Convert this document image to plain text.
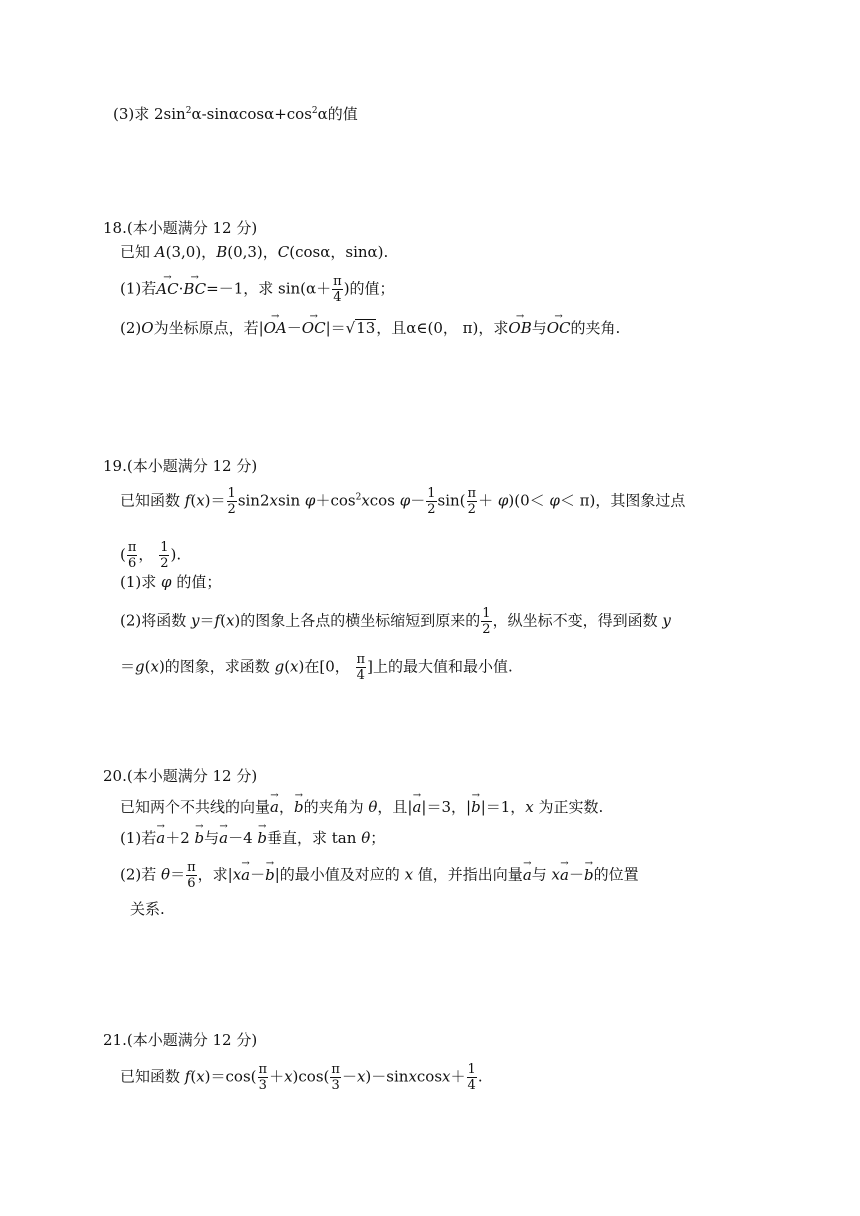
(3)求 $2\sin^2\alpha-\sin\alpha\cos\alpha+\cos^2\alpha$的值
18.(本小题满分 12 分)
已知 A(3,0)，B(0,3)，C(cosα，sinα).
(1)若→ AC·→ BC=－1，求 $\sin(\alpha+ \frac{\pi}{4}$ )的值；
(2)O为坐标原点，若|→ OA－→ OC|＝√13，且α∈(0， π)，求→ OB与→ OC的夹角.
19.(本小题满分 12 分)
已知函数 $f(x)= \frac{1}{2} \sin 2xsin$ $\varphi+\cos^2xcos$ $\varphi- \frac{1}{2} \sin( \frac{\pi}{2} + \varphi)(0< \varphi< \pi)$，其图象过点
( $\frac{\pi}{6}$ ， $\frac{1}{2}$ ).
(1)求 φ 的值；
(2)将函数 y＝f(x)的图象上各点的横坐标缩短到原来的 $\frac{1}{2}$ ，纵坐标不变，得到函数 y
＝g(x)的图象，求函数 g(x)在[0， $\frac{\pi}{4}$ ]上的最大值和最小值.
20.(本小题满分 12 分)
已知两个不共线的向量→ a，→ b的夹角为 θ，且|→ a|＝3，|→ b|＝1，x 为正实数.
(1)若→ a＋2 → b与→ a－4 → b垂直，求 tan θ；
(2)若 $\theta= \frac{\pi}{6}$ ，求|x→ a－→ b|的最小值及对应的 x 值，并指出向量→ a与 x→ a－→ b的位置
关系.
21.(本小题满分 12 分)
已知函数 $f(x)=\cos( \frac{\pi}{3} +x)\cos( \frac{\pi}{3}$ －x)－sinxcosx＋ $\frac{1}{4}$ .
